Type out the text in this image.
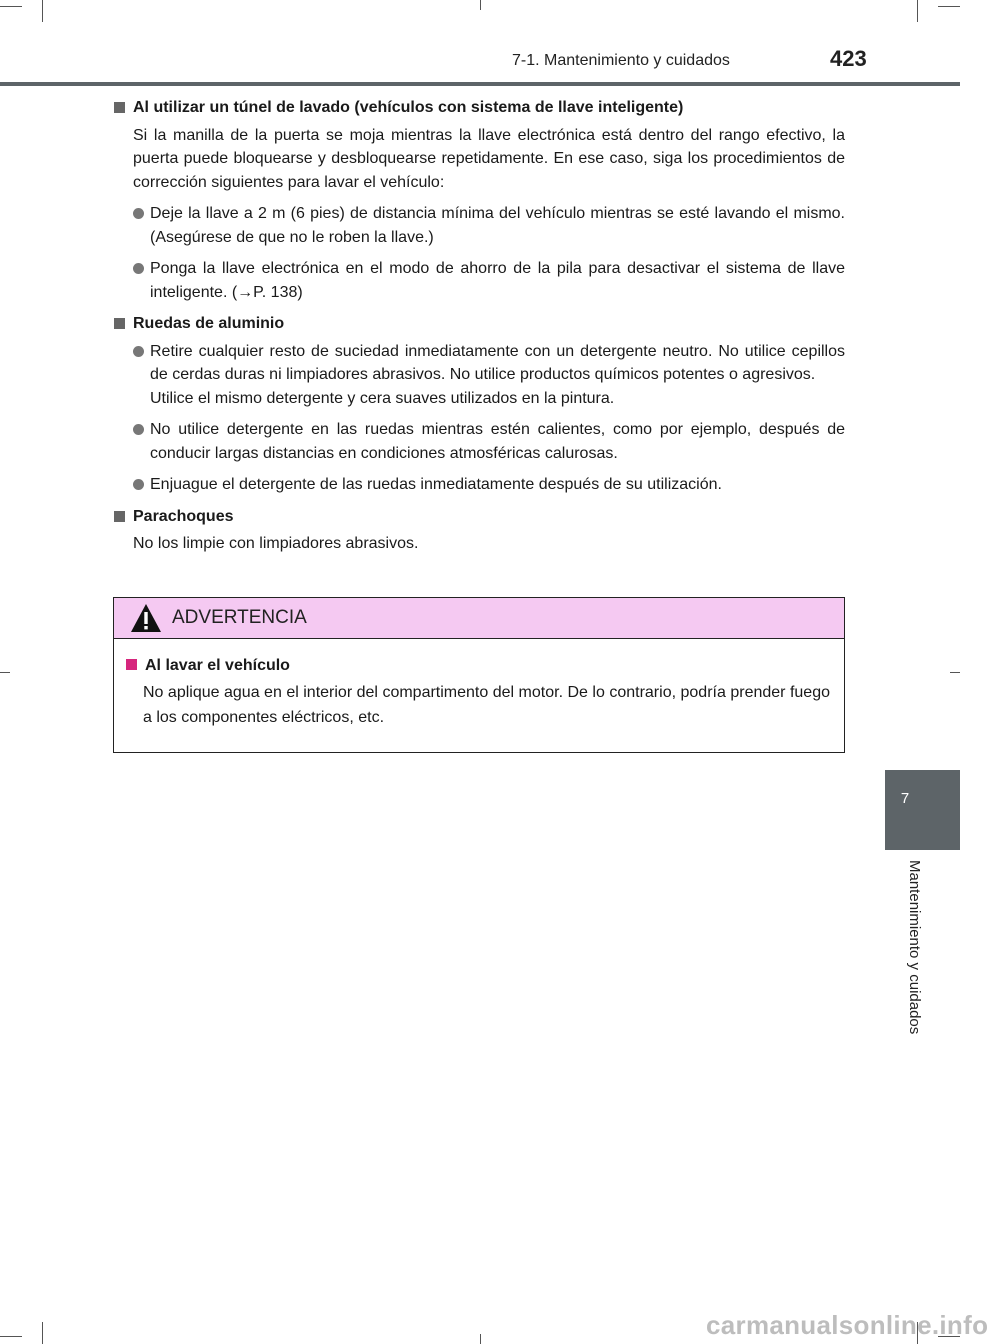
7-1. Mantenimiento y cuidados	423
7
Mantenimiento y cuidados
Al utilizar un túnel de lavado (vehículos con sistema de llave inteligente)
Si la manilla de la puerta se moja mientras la llave electrónica está dentro del rango efectivo, la puerta puede bloquearse y desbloquearse repetidamente. En ese caso, siga los procedimientos de corrección siguientes para lavar el vehículo:
Deje la llave a 2 m (6 pies) de distancia mínima del vehículo mientras se esté lavando el mismo. (Asegúrese de que no le roben la llave.)
Ponga la llave electrónica en el modo de ahorro de la pila para desactivar el sistema de llave inteligente. (→P. 138)
Ruedas de aluminio
Retire cualquier resto de suciedad inmediatamente con un detergente neutro. No utilice cepillos de cerdas duras ni limpiadores abrasivos. No utilice productos químicos potentes o agresivos.
Utilice el mismo detergente y cera suaves utilizados en la pintura.
No utilice detergente en las ruedas mientras estén calientes, como por ejemplo, después de conducir largas distancias en condiciones atmosféricas calurosas.
Enjuague el detergente de las ruedas inmediatamente después de su utilización.
Parachoques
No los limpie con limpiadores abrasivos.
ADVERTENCIA
Al lavar el vehículo
No aplique agua en el interior del compartimento del motor. De lo contrario, podría prender fuego a los componentes eléctricos, etc.
carmanualsonline.info
